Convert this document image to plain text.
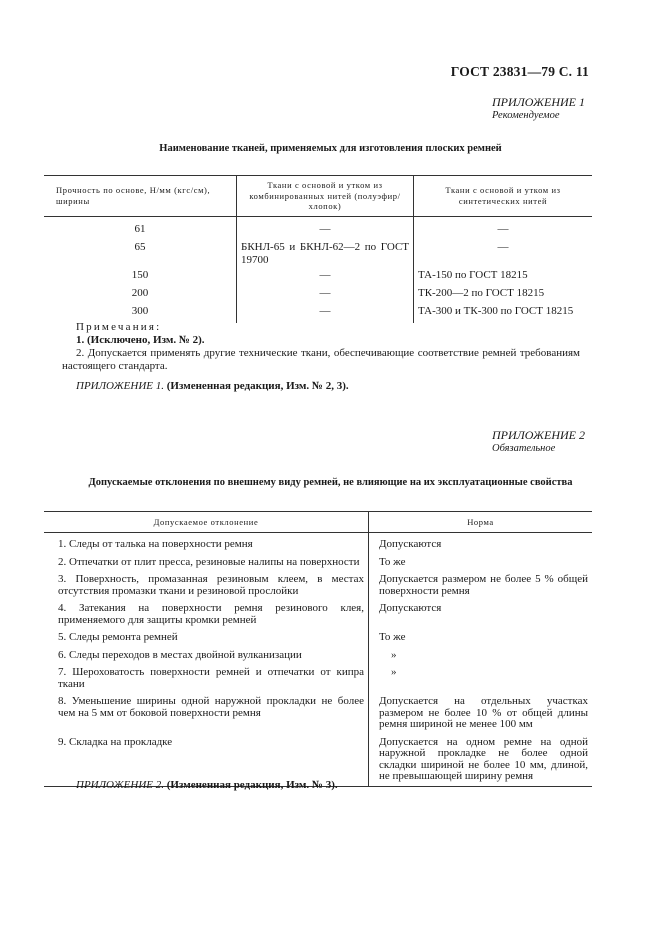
ГОСТ 23831—79 С. 11
ПРИЛОЖЕНИЕ 1
Рекомендуемое
Наименование тканей, применяемых для изготовления плоских ремней
Прочность по основе, Н/мм (кгс/см), ширины	Ткани с основой и утком из комбинированных нитей (полуэфир/хлопок)	Ткани с основой и утком из синтетических нитей
61	—	—
65	БКНЛ-65 и БКНЛ-62—2 по ГОСТ 19700	—
150	—	ТА-150 по ГОСТ 18215
200	—	ТК-200—2 по ГОСТ 18215
300	—	ТА-300 и ТК-300 по ГОСТ 18215
Примечания:
1. (Исключено, Изм. № 2).
2. Допускается применять другие технические ткани, обеспечивающие соответствие ремней требованиям настоящего стандарта.
ПРИЛОЖЕНИЕ 1. (Измененная редакция, Изм. № 2, 3).
ПРИЛОЖЕНИЕ 2
Обязательное
Допускаемые отклонения по внешнему виду ремней, не влияющие на их эксплуатационные свойства
Допускаемое отклонение	Норма
1. Следы от талька на поверхности ремня	Допускаются
2. Отпечатки от плит пресса, резиновые налипы на поверхности	То же
3. Поверхность, промазанная резиновым клеем, в местах отсутствия промазки ткани и резиновой прослойки	Допускается размером не более 5 % общей поверхности ремня
4. Затекания на поверхности ремня резинового клея, применяемого для защиты кромки ремней	Допускаются
5. Следы ремонта ремней	То же
6. Следы переходов в местах двойной вулканизации	»
7. Шероховатость поверхности ремней и отпечатки от кипра ткани	»
8. Уменьшение ширины одной наружной прокладки не более чем на 5 мм от боковой поверхности ремня	Допускается на отдельных участках размером не более 10 % от общей длины ремня шириной не менее 100 мм
9. Складка на прокладке	Допускается на одном ремне на одной наружной прокладке не более одной складки шириной не более 10 мм, длиной, не превышающей ширину ремня
ПРИЛОЖЕНИЕ 2. (Измененная редакция, Изм. № 3).
